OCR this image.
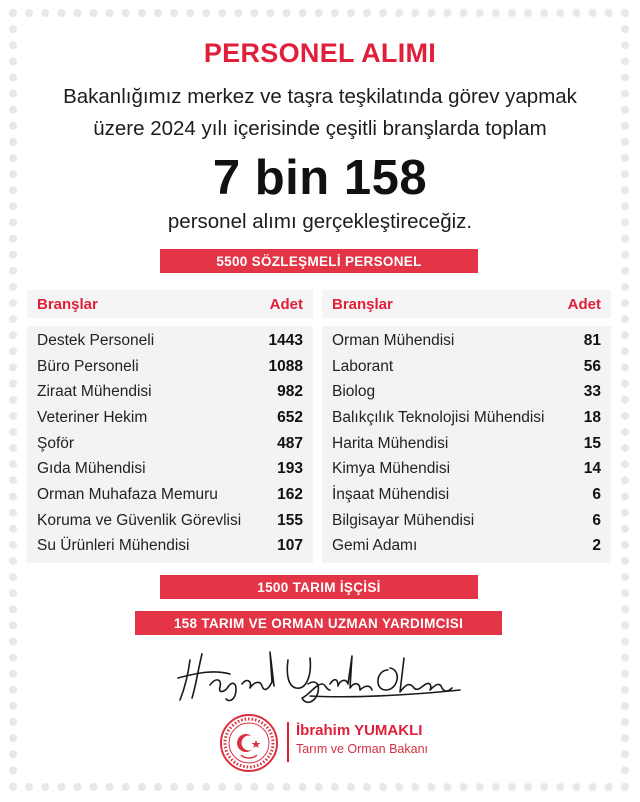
PERSONEL ALIMI
Bakanlığımız merkez ve taşra teşkilatında görev yapmak
üzere 2024 yılı içerisinde çeşitli branşlarda toplam
7 bin 158
personel alımı gerçekleştireceğiz.
5500 SÖZLEŞMELİ PERSONEL
Branşlar	Adet
Destek Personeli	1443
Büro Personeli	1088
Ziraat Mühendisi	982
Veteriner Hekim	652
Şoför	487
Gıda Mühendisi	193
Orman Muhafaza Memuru	162
Koruma ve Güvenlik Görevlisi 155
Su Ürünleri Mühendisi	107
Branşlar	Adet
Orman Mühendisi	81
Laborant	56
Biolog	33
Balıkçılık Teknolojisi Mühendisi	18
Harita Mühendisi	15
Kimya Mühendisi	14
İnşaat Mühendisi	6
Bilgisayar Mühendisi	6
Gemi Adamı	2
1500 TARIM İŞÇİSİ
158 TARIM VE ORMAN UZMAN YARDIMCISI
İbrahim YUMAKLI
Tarım ve Orman Bakanı
